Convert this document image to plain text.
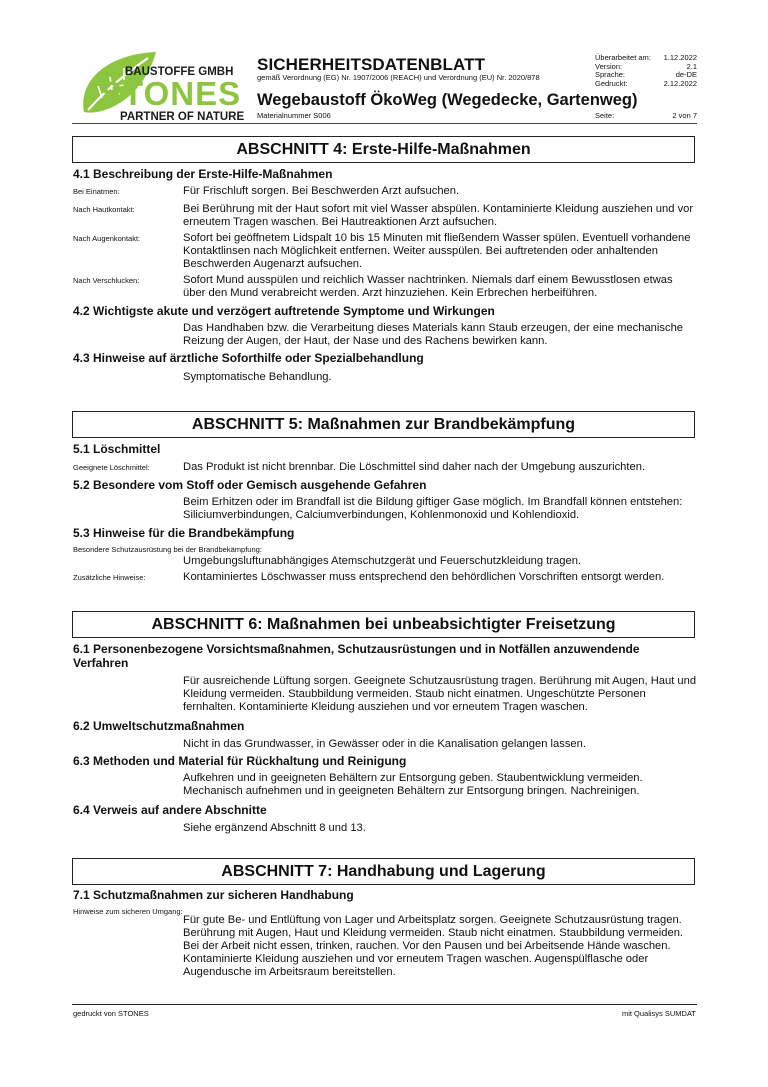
BAUSTOFFE GMBH
STONES
PARTNER OF NATURE
SICHERHEITSDATENBLATT
gemäß Verordnung (EG) Nr. 1907/2006 (REACH) und Verordnung (EU) Nr. 2020/878
Wegebaustoff ÖkoWeg (Wegedecke, Gartenweg)
Materialnummer S006
Überarbeitet am: 1.12.2022
Version:	2.1
Sprache:	de-DE
Gedruckt:	2.12.2022
Seite:	2 von 7
ABSCHNITT 4: Erste-Hilfe-Maßnahmen
4.1 Beschreibung der Erste-Hilfe-Maßnahmen
Bei Einatmen:	Für Frischluft sorgen. Bei Beschwerden Arzt aufsuchen.
Nach Hautkontakt:	Bei Berührung mit der Haut sofort mit viel Wasser abspülen. Kontaminierte Kleidung ausziehen und vor erneutem Tragen waschen. Bei Hautreaktionen Arzt aufsuchen.
Nach Augenkontakt:	Sofort bei geöffnetem Lidspalt 10 bis 15 Minuten mit fließendem Wasser spülen. Eventuell vorhandene Kontaktlinsen nach Möglichkeit entfernen. Weiter ausspülen. Bei auftretenden oder anhaltenden Beschwerden Augenarzt aufsuchen.
Nach Verschlucken:	Sofort Mund ausspülen und reichlich Wasser nachtrinken. Niemals darf einem Bewusstlosen etwas über den Mund verabreicht werden. Arzt hinzuziehen. Kein Erbrechen herbeiführen.
4.2 Wichtigste akute und verzögert auftretende Symptome und Wirkungen
Das Handhaben bzw. die Verarbeitung dieses Materials kann Staub erzeugen, der eine mechanische Reizung der Augen, der Haut, der Nase und des Rachens bewirken kann.
4.3 Hinweise auf ärztliche Soforthilfe oder Spezialbehandlung
Symptomatische Behandlung.
ABSCHNITT 5: Maßnahmen zur Brandbekämpfung
5.1 Löschmittel
Geeignete Löschmittel:	Das Produkt ist nicht brennbar. Die Löschmittel sind daher nach der Umgebung auszurichten.
5.2 Besondere vom Stoff oder Gemisch ausgehende Gefahren
Beim Erhitzen oder im Brandfall ist die Bildung giftiger Gase möglich. Im Brandfall können entstehen: Siliciumverbindungen, Calciumverbindungen, Kohlenmonoxid und Kohlendioxid.
5.3 Hinweise für die Brandbekämpfung
Besondere Schutzausrüstung bei der Brandbekämpfung:
Umgebungsluftunabhängiges Atemschutzgerät und Feuerschutzkleidung tragen.
Zusätzliche Hinweise:	Kontaminiertes Löschwasser muss entsprechend den behördlichen Vorschriften entsorgt werden.
ABSCHNITT 6: Maßnahmen bei unbeabsichtigter Freisetzung
6.1 Personenbezogene Vorsichtsmaßnahmen, Schutzausrüstungen und in Notfällen anzuwendende Verfahren
Für ausreichende Lüftung sorgen. Geeignete Schutzausrüstung tragen. Berührung mit Augen, Haut und Kleidung vermeiden. Staubbildung vermeiden. Staub nicht einatmen. Ungeschützte Personen fernhalten. Kontaminierte Kleidung ausziehen und vor erneutem Tragen waschen.
6.2 Umweltschutzmaßnahmen
Nicht in das Grundwasser, in Gewässer oder in die Kanalisation gelangen lassen.
6.3 Methoden und Material für Rückhaltung und Reinigung
Aufkehren und in geeigneten Behältern zur Entsorgung geben. Staubentwicklung vermeiden. Mechanisch aufnehmen und in geeigneten Behältern zur Entsorgung bringen. Nachreinigen.
6.4 Verweis auf andere Abschnitte
Siehe ergänzend Abschnitt 8 und 13.
ABSCHNITT 7: Handhabung und Lagerung
7.1 Schutzmaßnahmen zur sicheren Handhabung
Hinweise zum sicheren Umgang:
Für gute Be- und Entlüftung von Lager und Arbeitsplatz sorgen. Geeignete Schutzausrüstung tragen. Berührung mit Augen, Haut und Kleidung vermeiden. Staub nicht einatmen. Staubbildung vermeiden. Bei der Arbeit nicht essen, trinken, rauchen. Vor den Pausen und bei Arbeitsende Hände waschen. Kontaminierte Kleidung ausziehen und vor erneutem Tragen waschen. Augenspülflasche oder Augendusche im Arbeitsraum bereitstellen.
gedruckt von STONES	mit Qualisys SUMDAT
